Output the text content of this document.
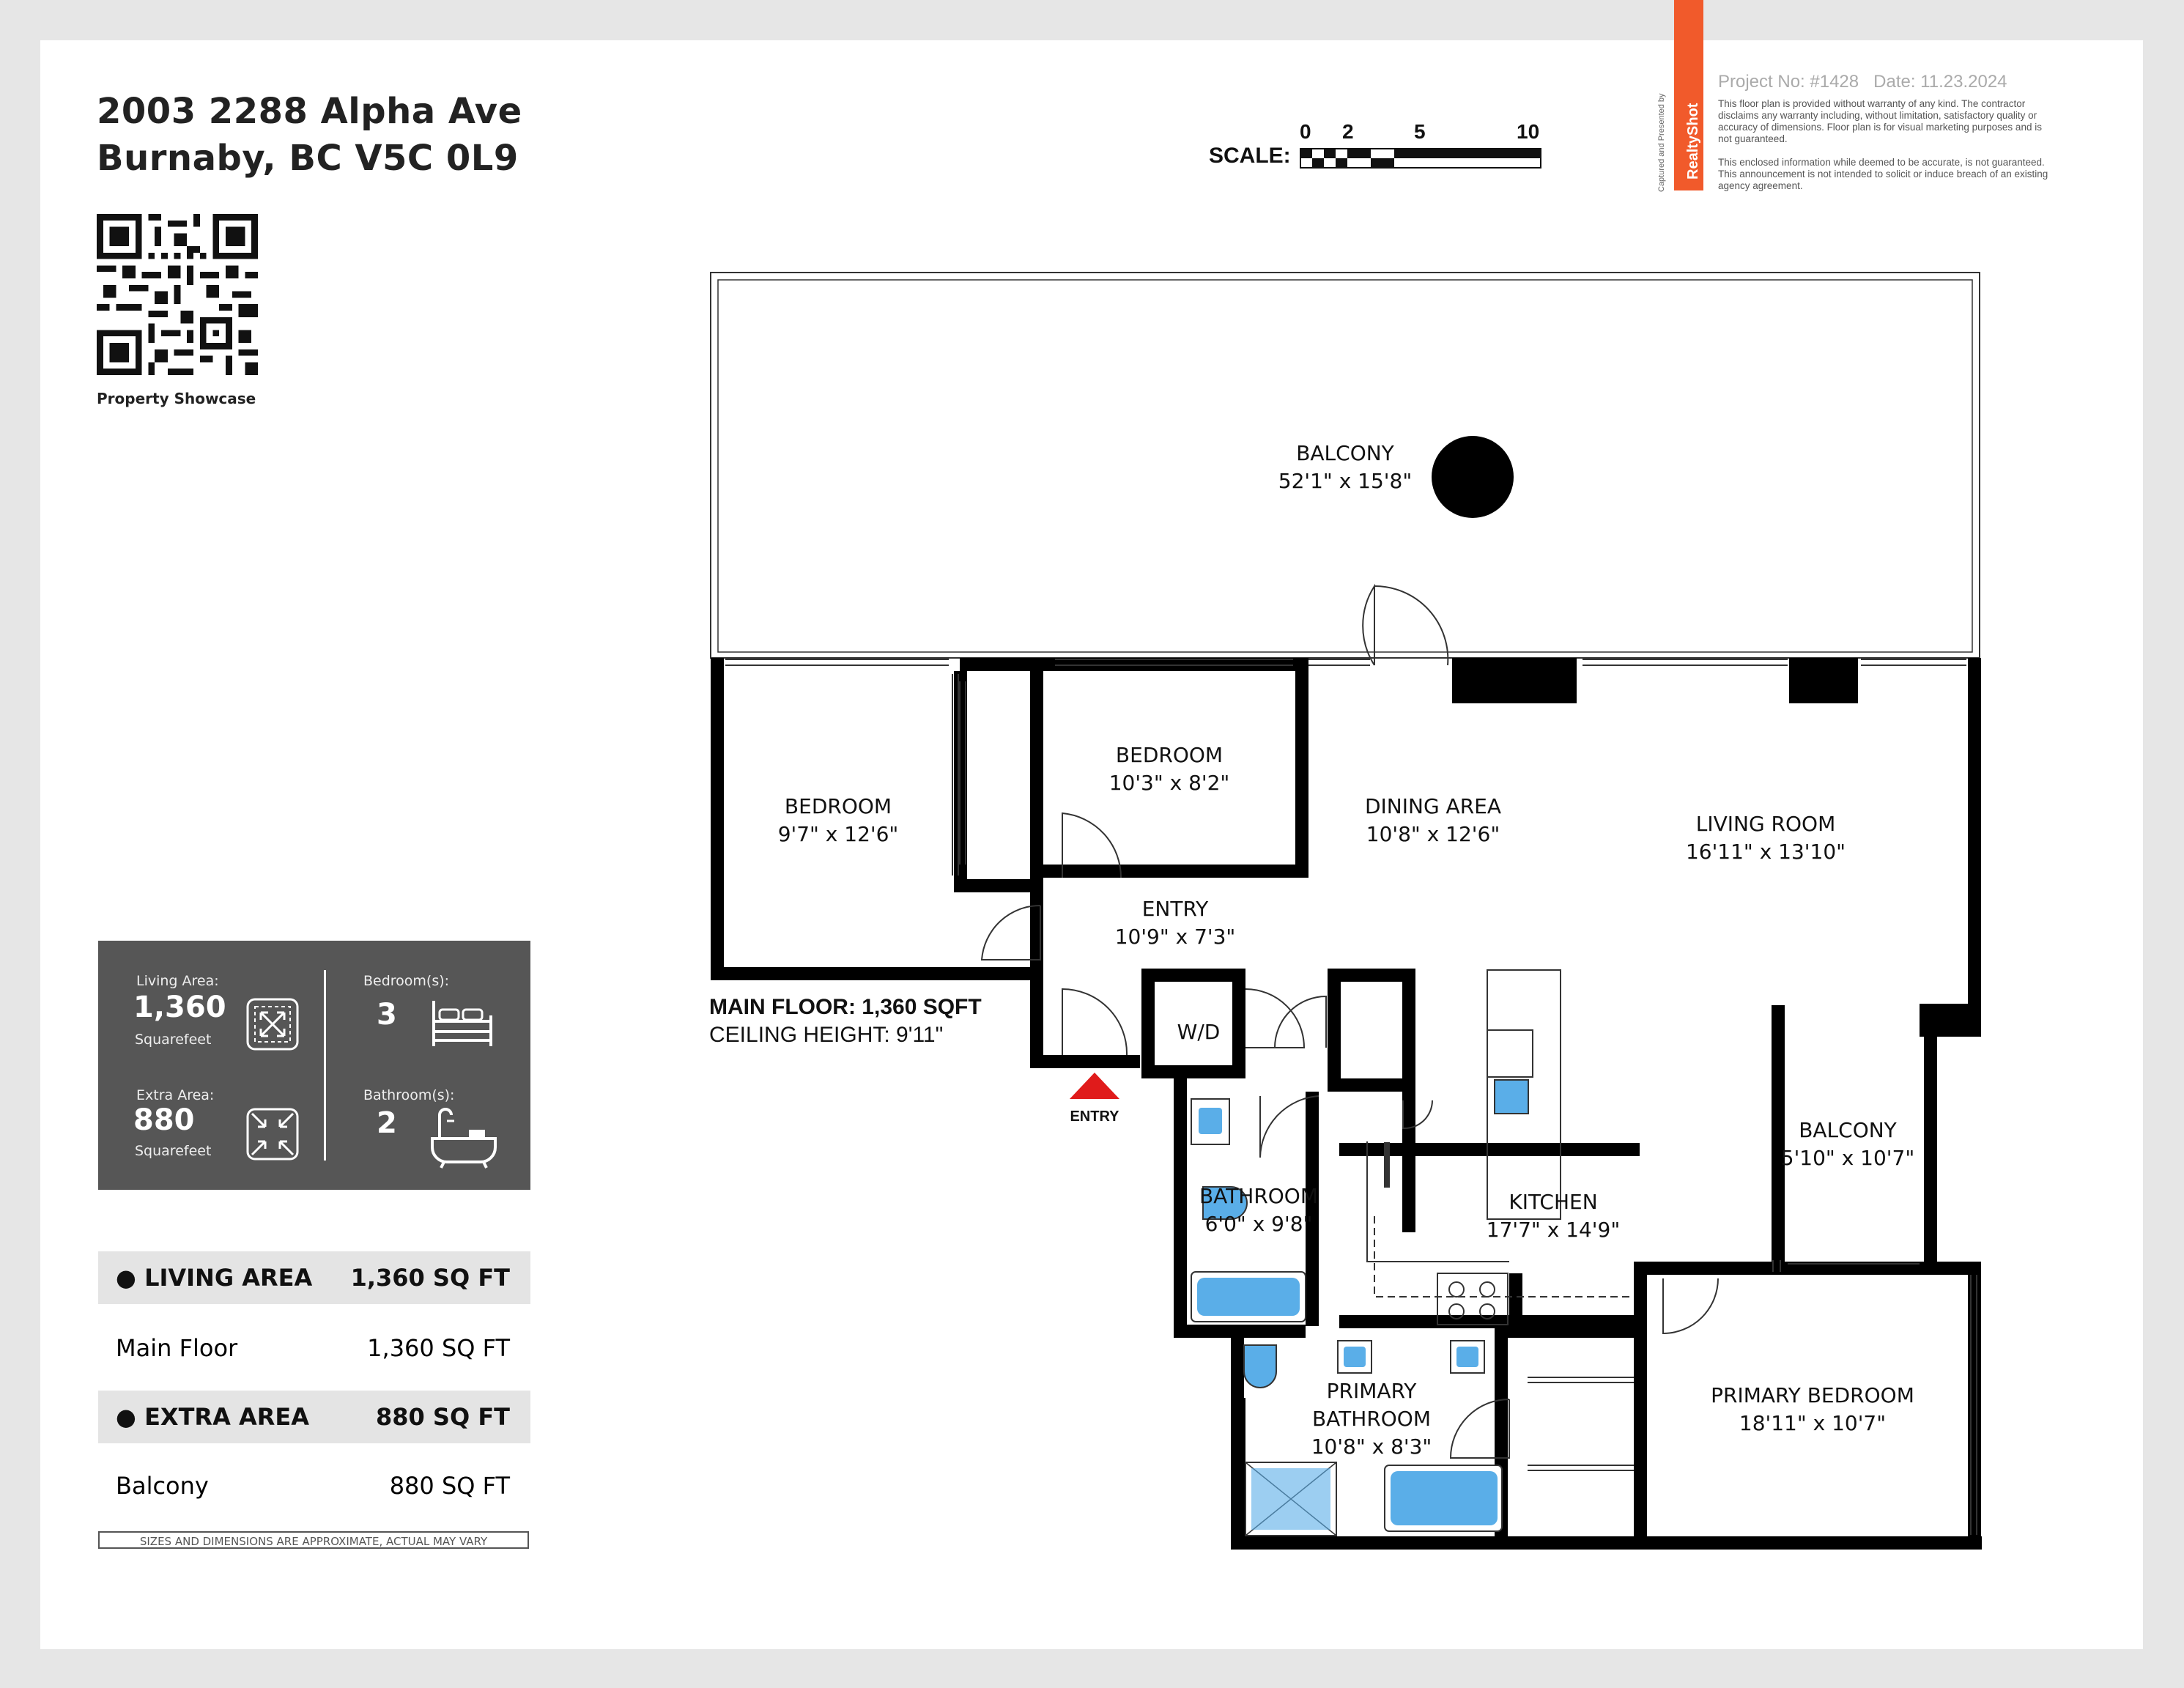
2003 2288 Alpha Ave
Burnaby, BC V5C 0L9
Property Showcase
Living Area:
1,360
Squarefeet
Bedroom(s):
3
Extra Area:
880
Squarefeet
Bathroom(s):
2
● LIVING AREA 1,360 SQ FT
Main Floor	1,360 SQ FT
● EXTRA AREA	880 SQ FT
Balcony	880 SQ FT
SIZES AND DIMENSIONS ARE APPROXIMATE, ACTUAL MAY VARY
0 2	5	10
SCALE:	RealtyShot
Captured and Presented by
Project No: #1428 Date: 11.23.2024
This floor plan is provided without warranty of any kind. The contractor disclaims any warranty including, without limitation, satisfactory quality or accuracy of dimensions. Floor plan is for visual marketing purposes and is not guaranteed.
This enclosed information while deemed to be accurate, is not guaranteed. This announcement is not intended to solicit or induce breach of an existing agency agreement.
BALCONY
52'1" x 15'8"
BEDROOM
9'7" x 12'6"
BEDROOM
10'3" x 8'2"
DINING AREA
10'8" x 12'6"	LIVING ROOM
16'11" x 13'10"
ENTRY
10'9" x 7'3"
W/D
BATHROOM
6'0" x 9'8"
KITCHEN
17'7" x 14'9"
BALCONY
5'10" x 10'7"
PRIMARY
BATHROOM
10'8" x 8'3"
PRIMARY BEDROOM
18'11" x 10'7"
MAIN FLOOR: 1,360 SQFT
CEILING HEIGHT: 9'11"
ENTRY
